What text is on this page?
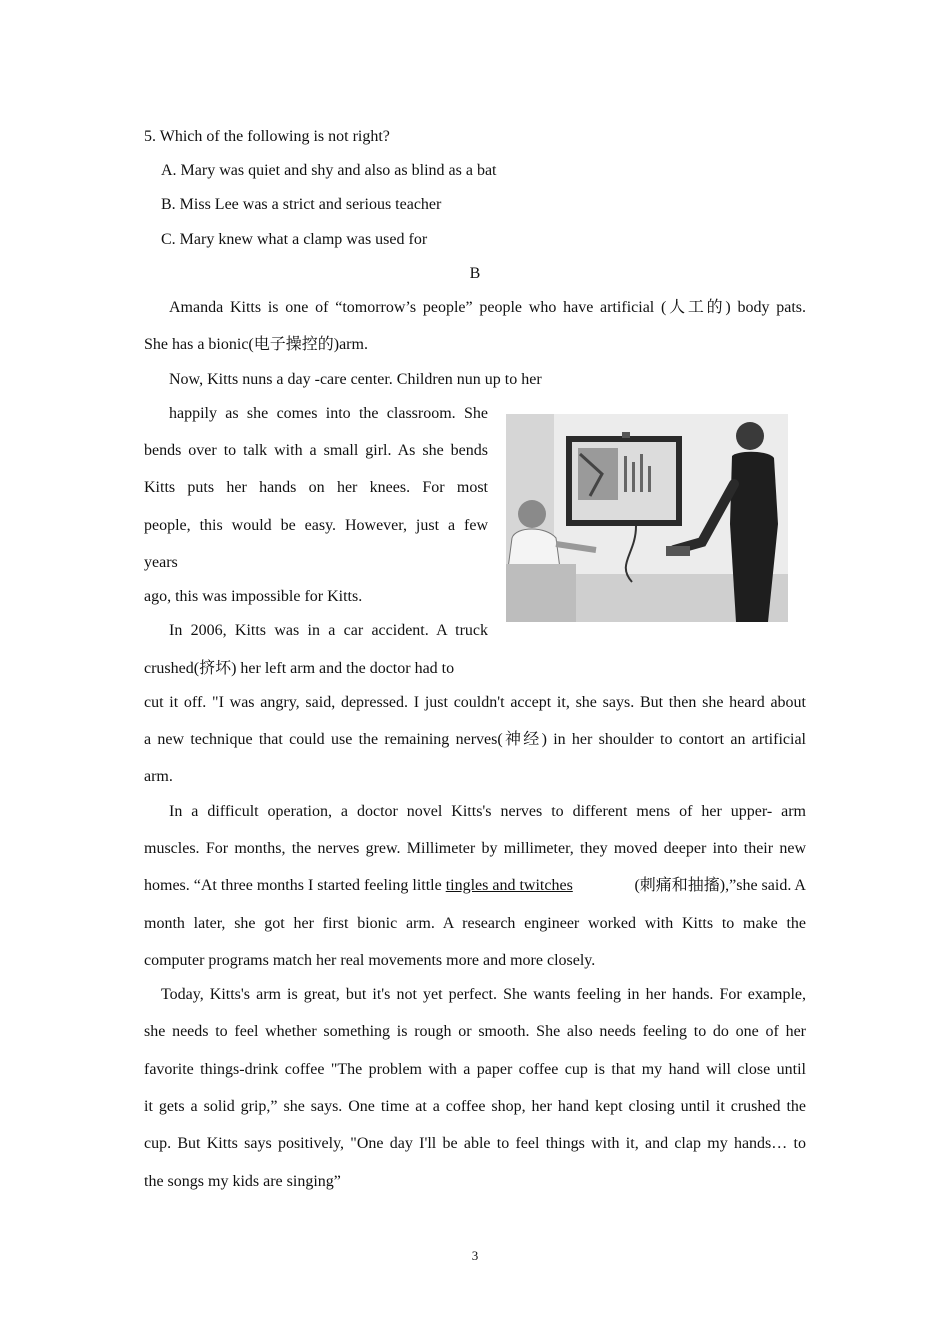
5. Which of the following is not right?
A. Mary was quiet and shy and also as blind as a bat
B. Miss Lee was a strict and serious teacher
C. Mary knew what a clamp was used for
B
Amanda Kitts is one of “tomorrow’s people” people who have artificial (人工的) body pats.
She has a bionic(电子操控的)arm.
Now, Kitts nuns a day -care center. Children nun up to her
happily as she comes into the classroom. She
bends over to talk with a small girl. As she bends
Kitts puts her hands on her knees. For most
people, this would be easy. However, just a few
years
ago, this was impossible for Kitts.
In 2006, Kitts was in a car accident. A truck
crushed(挤坏) her left arm and the doctor had to
cut it off. "I was angry, said, depressed. I just couldn't accept it, she says. But then she heard about
a new technique that could use the remaining nerves(神经) in her shoulder to contort an artificial
arm.
In a difficult operation, a doctor novel Kitts's nerves to different mens of her upper- arm
muscles. For months, the nerves grew. Millimeter by millimeter, they moved deeper into their new
homes. “At three months I started feeling little tingles and twitches	(刺痛和抽搐),”she said. A
month later, she got her first bionic arm. A research engineer worked with Kitts to make the
computer programs match her real movements more and more closely.
Today, Kitts's arm is great, but it's not yet perfect. She wants feeling in her hands. For example,
she needs to feel whether something is rough or smooth. She also needs feeling to do one of her
favorite things-drink coffee "The problem with a paper coffee cup is that my hand will close until
it gets a solid grip,” she says. One time at a coffee shop, her hand kept closing until it crushed the
cup. But Kitts says positively, "One day I'll be able to feel things with it, and clap my hands… to
the songs my kids are singing”
3
